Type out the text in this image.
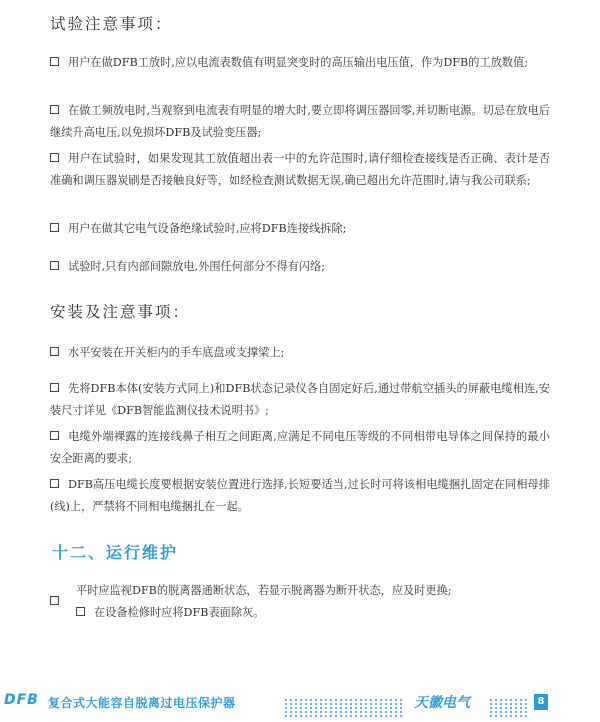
试验注意事项：
用户在做DFB工放时,应以电流表数值有明显突变时的高压输出电压值，作为DFB的工放数值;
在做工频放电时,当观察到电流表有明显的增大时,要立即将调压器回零,并切断电源。切忌在放电后继续升高电压,以免损坏DFB及试验变压器;
用户在试验时，如果发现其工放值超出表一中的允许范围时,请仔细检查接线是否正确、表计是否准确和调压器炭刷是否接触良好等，如经检查测试数据无误,确已超出允许范围时,请与我公司联系;
用户在做其它电气设备绝缘试验时,应将DFB连接线拆除;
试验时,只有内部间隙放电,外围任何部分不得有闪络;
安装及注意事项：
水平安装在开关柜内的手车底盘或支撑梁上;
先将DFB本体(安装方式同上)和DFB状态记录仪各自固定好后,通过带航空插头的屏蔽电缆相连,安装尺寸详见《DFB智能监测仪技术说明书》;
电缆外端裸露的连接线鼻子相互之间距离,应满足不同电压等级的不同相带电导体之间保持的最小安全距离的要求;
DFB高压电缆长度要根据安装位置进行选择,长短要适当,过长时可将该相电缆捆扎固定在同相母排(线)上，严禁将不同相电缆捆扎在一起。
十二、运行维护
平时应监视DFB的脱离器通断状态，若显示脱离器为断开状态，应及时更换;
在设备检修时应将DFB表面除灰。
DFB 复合式大能容自脱离过电压保护器	天徽电气	8
